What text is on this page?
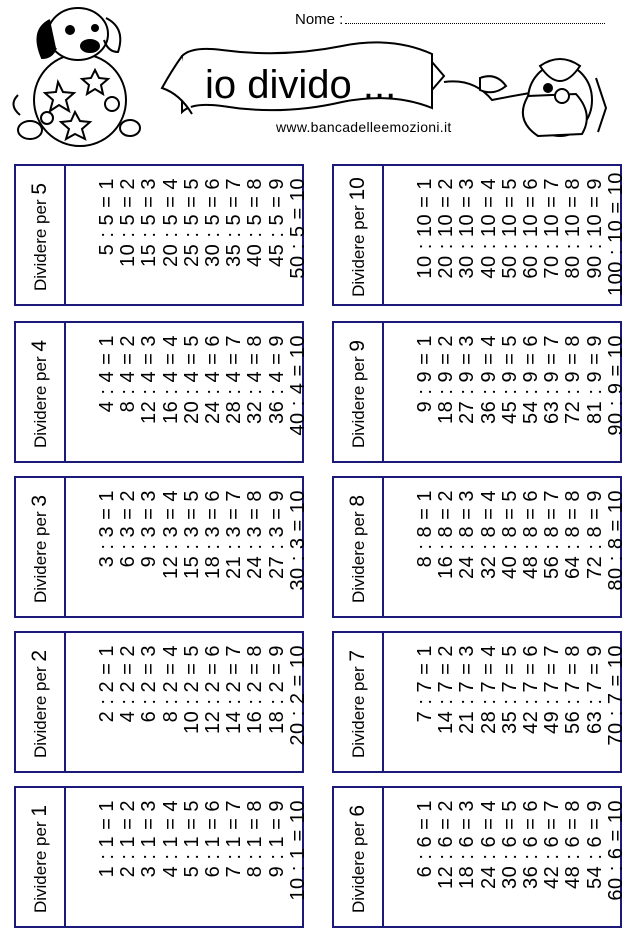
io divido ...
Nome :
www.bancadelleemozioni.it
Dividere per 5 5 : 5 = 1 10 : 5 = 2 15 : 5 = 3 20 : 5 = 4 25 : 5 = 5 30 : 5 = 6 35 : 5 = 7 40 : 5 = 8 45 : 5 = 9 50 : 5 = 10 Dividere per 10 10 : 10 = 1 20 : 10 = 2 30 : 10 = 3 40 : 10 = 4 50 : 10 = 5 60 : 10 = 6 70 : 10 = 7 80 : 10 = 8 90 : 10 = 9 100 : 10 = 10
Dividere per 4 4 : 4 = 1 8 : 4 = 2 12 : 4 = 3 16 : 4 = 4 20 : 4 = 5 24 : 4 = 6 28 : 4 = 7 32 : 4 = 8 36 : 4 = 9 40 : 4 = 10 Dividere per 9 9 : 9 = 1 18 : 9 = 2 27 : 9 = 3 36 : 9 = 4 45 : 9 = 5 54 : 9 = 6 63 : 9 = 7 72 : 9 = 8 81 : 9 = 9 90 : 9 = 10
Dividere per 3 3 : 3 = 1 6 : 3 = 2 9 : 3 = 3 12 : 3 = 4 15 : 3 = 5 18 : 3 = 6 21 : 3 = 7 24 : 3 = 8 27 : 3 = 9 30 : 3 = 10 Dividere per 8 8 : 8 = 1 16 : 8 = 2 24 : 8 = 3 32 : 8 = 4 40 : 8 = 5 48 : 8 = 6 56 : 8 = 7 64 : 8 = 8 72 : 8 = 9 80 : 8 = 10
Dividere per 2 2 : 2 = 1 4 : 2 = 2 6 : 2 = 3 8 : 2 = 4 10 : 2 = 5 12 : 2 = 6 14 : 2 = 7 16 : 2 = 8 18 : 2 = 9 20 : 2 = 10 Dividere per 7 7 : 7 = 1 14 : 7 = 2 21 : 7 = 3 28 : 7 = 4 35 : 7 = 5 42 : 7 = 6 49 : 7 = 7 56 : 7 = 8 63 : 7 = 9 70 : 7 = 10
Dividere per 1 1 : 1 = 1 2 : 1 = 2 3 : 1 = 3 4 : 1 = 4 5 : 1 = 5 6 : 1 = 6 7 : 1 = 7 8 : 1 = 8 9 : 1 = 9 10 : 1 = 10 Dividere per 6 6 : 6 = 1 12 : 6 = 2 18 : 6 = 3 24 : 6 = 4 30 : 6 = 5 36 : 6 = 6 42 : 6 = 7 48 : 6 = 8 54 : 6 = 9 60 : 6 = 10
